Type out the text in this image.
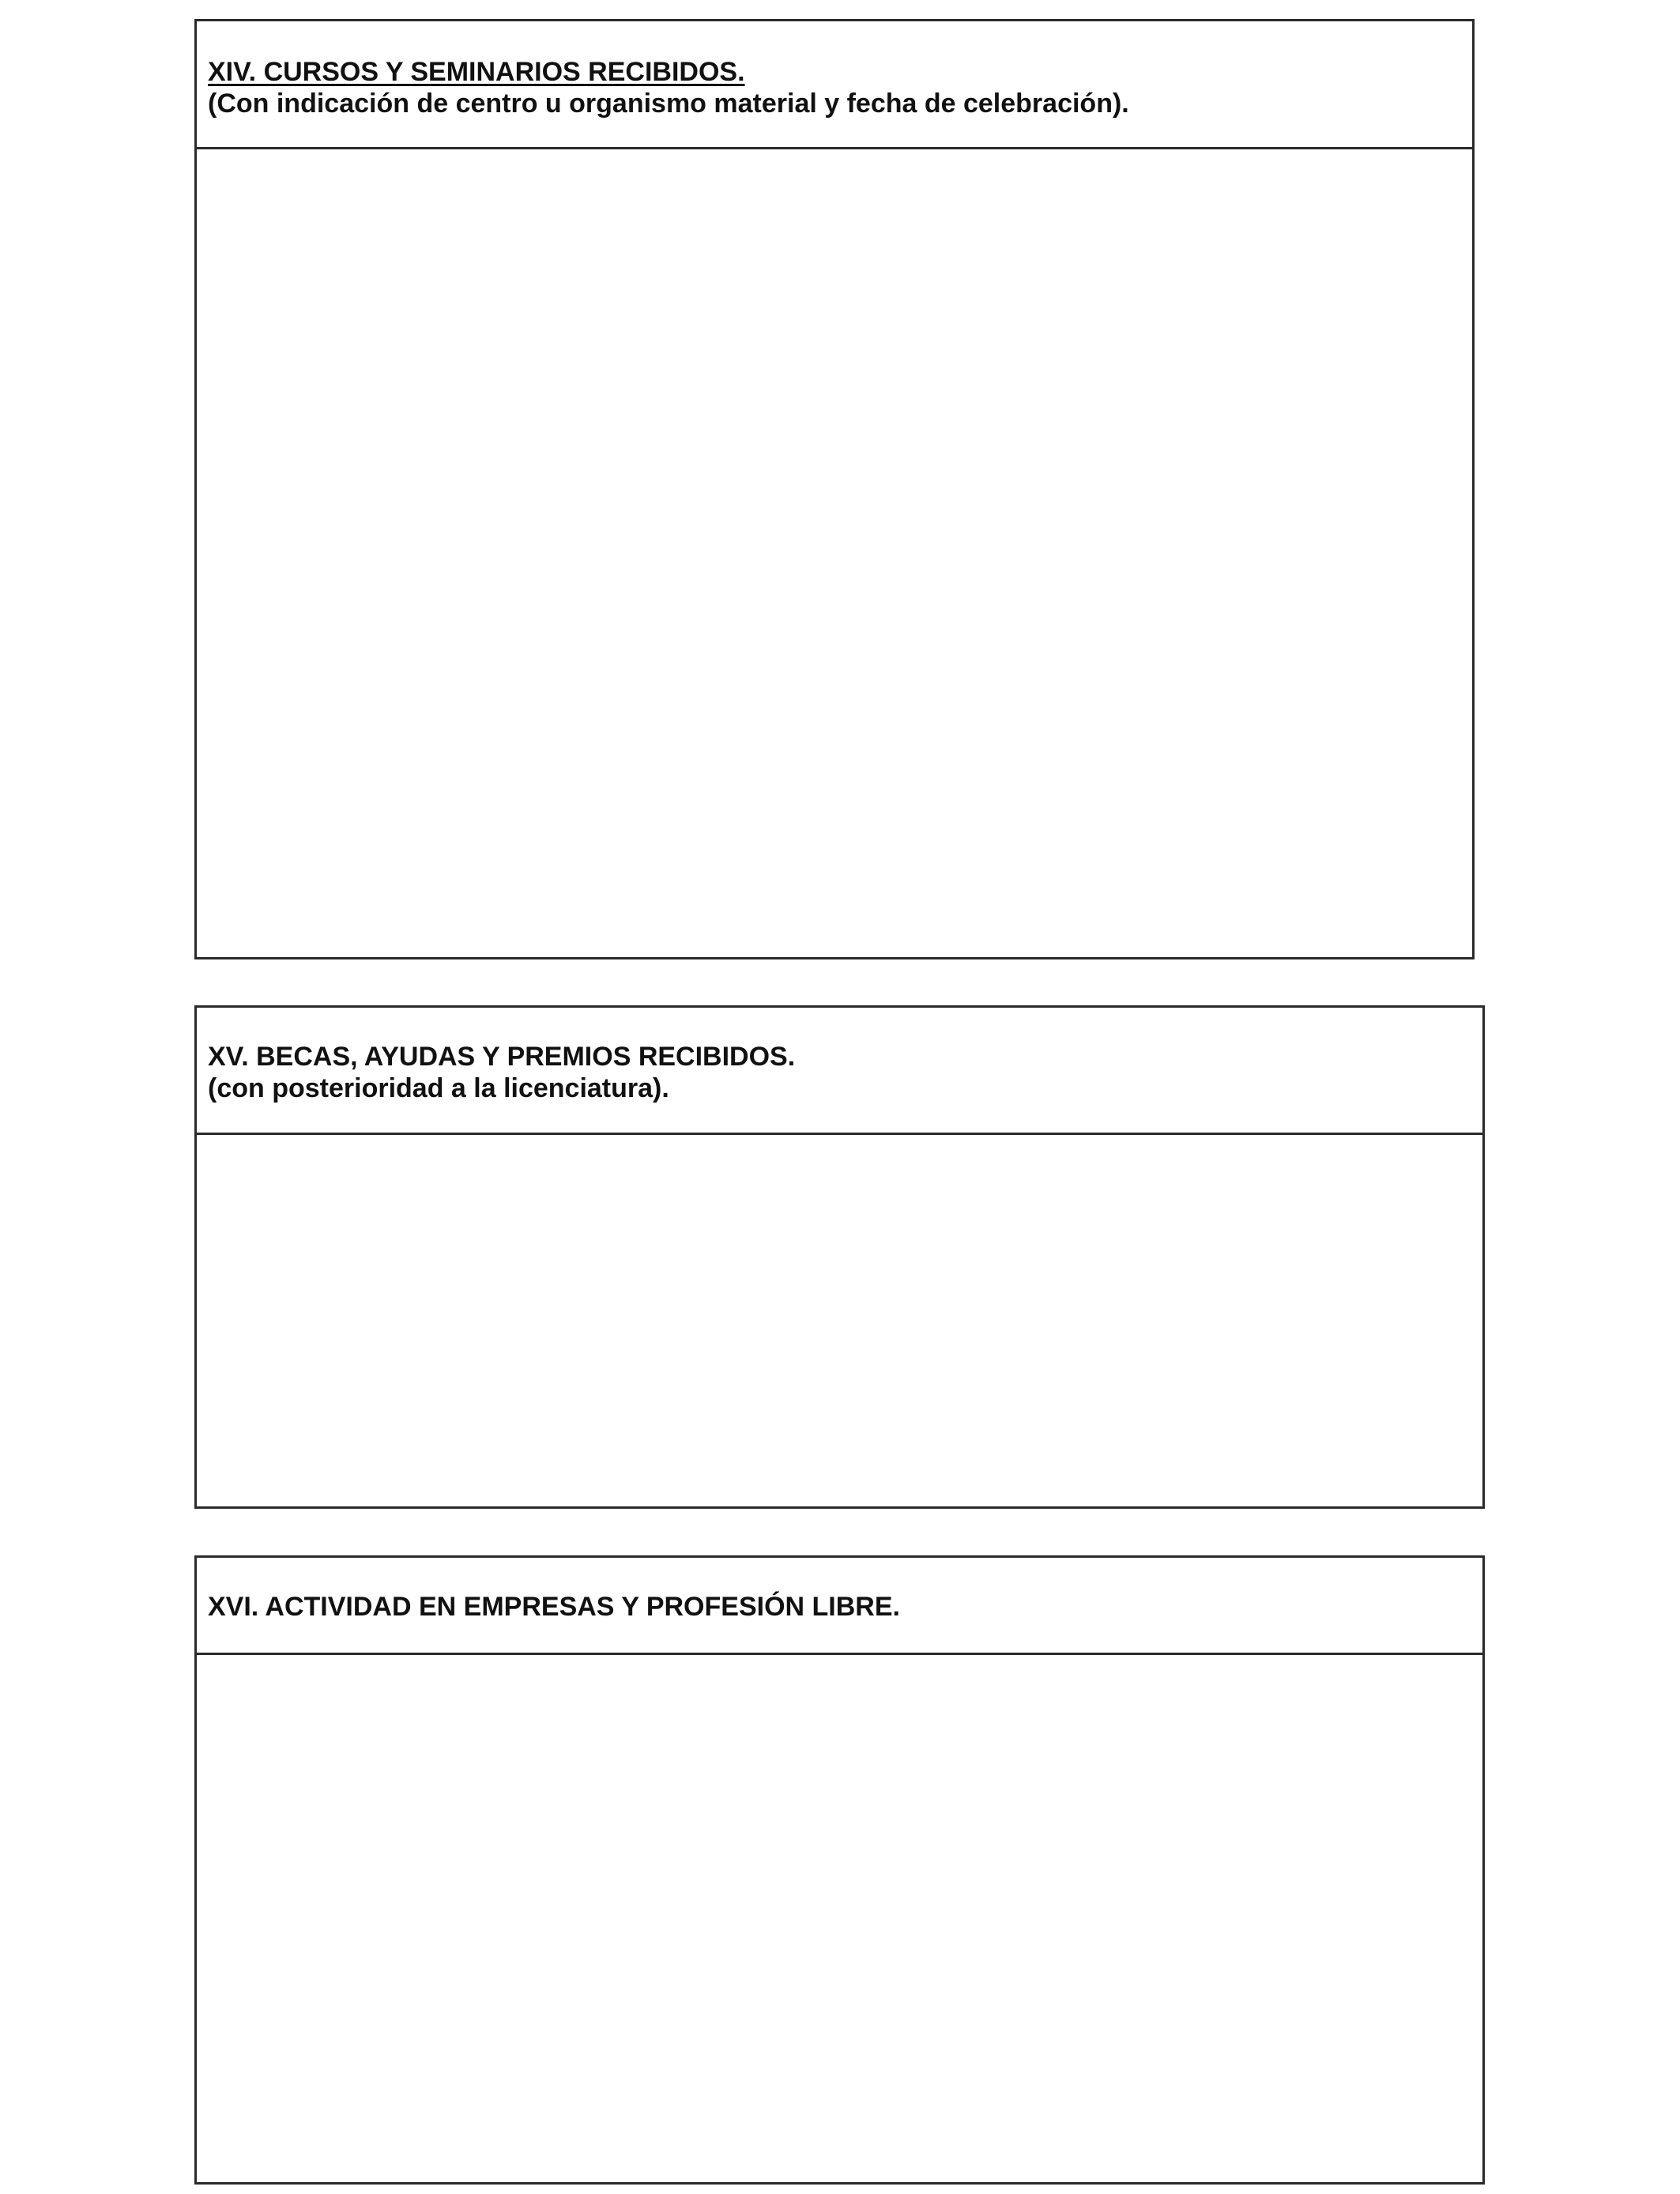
XIV. CURSOS Y SEMINARIOS RECIBIDOS.
(Con indicación de centro u organismo material y fecha de celebración).
XV. BECAS, AYUDAS Y PREMIOS RECIBIDOS.
(con posterioridad a la licenciatura).
XVI. ACTIVIDAD EN EMPRESAS Y PROFESIÓN LIBRE.
